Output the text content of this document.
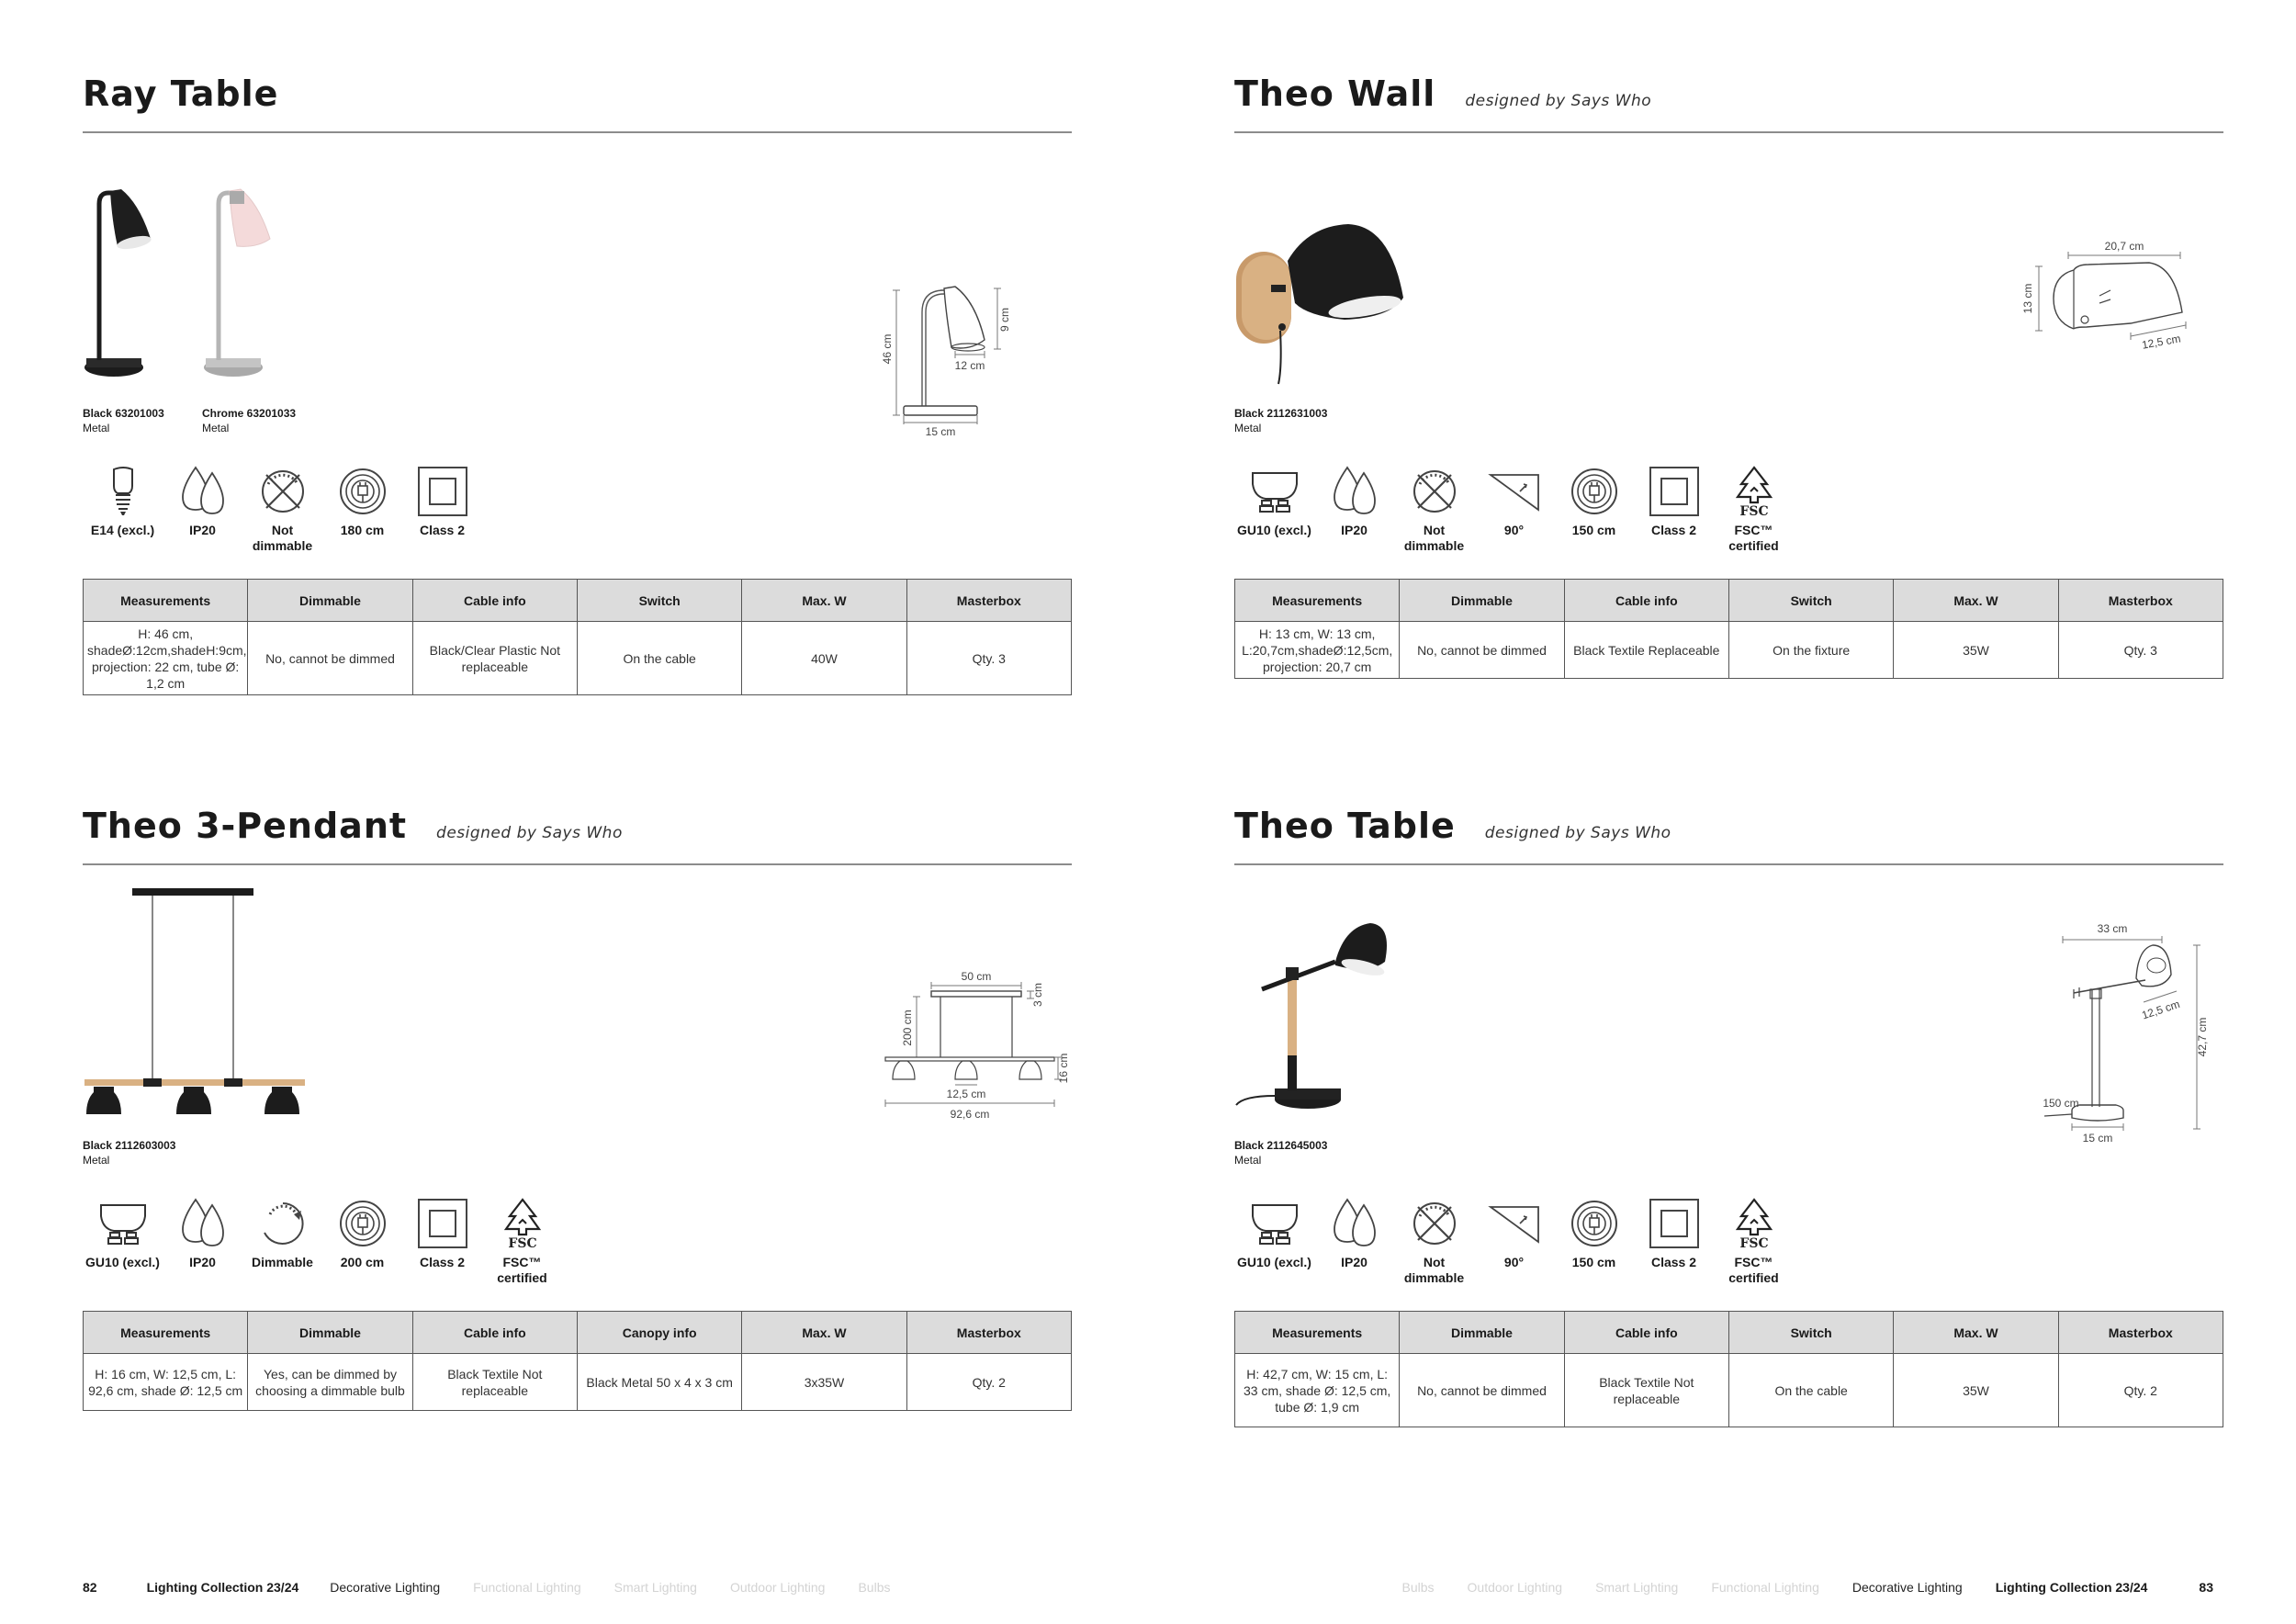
Ray Table
Black 63201003
Metal
Chrome 63201033
Metal	15 cm
46 cm
12 cm
9 cm
E14 (excl.)	IP20	Not dimmable
180 cm	Class 2
Measurements	Dimmable	Cable info	Switch	Max. W	Masterbox
H: 46 cm, shadeØ:12cm,shadeH:9cm, projection: 22 cm, tube Ø: 1,2 cm	No, cannot be dimmed	Black/Clear Plastic Not replaceable	On the cable	40W	Qty. 3
Theo Wall designed by Says Who
Black 2112631003
Metal
20,7 cm
13 cm
12,5 cm
GU10 (excl.) IP20	Not dimmable
90°	150 cm	Class 2	FSC™ certified
Measurements	Dimmable	Cable info	Switch	Max. W	Masterbox
H: 13 cm, W: 13 cm, L:20,7cm,shadeØ:12,5cm, projection: 20,7 cm	No, cannot be dimmed	Black Textile Replaceable	On the fixture	35W	Qty. 3
Theo 3-Pendant designed by Says Who
Black 2112603003
Metal
50 cm
3 cm
200 cm
16 cm
12,5 cm
92,6 cm
GU10 (excl.) IP20	Dimmable 200 cm	Class 2	FSC™ certified
Measurements	Dimmable	Cable info	Canopy info	Max. W	Masterbox
H: 16 cm, W: 12,5 cm, L: 92,6 cm, shade Ø: 12,5 cm	Yes, can be dimmed by choosing a dimmable bulb	Black Textile Not replaceable	Black Metal 50 x 4 x 3 cm	3x35W	Qty. 2
Theo Table designed by Says Who
Black 2112645003
Metal
33 cm
12,5 cm
42,7 cm
150 cm
15 cm
GU10 (excl.) IP20	Not dimmable
90°	150 cm	Class 2	FSC™ certified
Measurements	Dimmable	Cable info	Switch	Max. W	Masterbox
H: 42,7 cm, W: 15 cm, L: 33 cm, shade Ø: 12,5 cm, tube Ø: 1,9 cm	No, cannot be dimmed	Black Textile Not replaceable	On the cable	35W	Qty. 2
82	Lighting Collection 23/24 Decorative Lighting	Functional Lighting	Smart Lighting	Outdoor Lighting	Bulbs	Bulbs	Outdoor Lighting	Smart Lighting	Functional Lighting	Decorative Lighting	Lighting Collection 23/24	83
